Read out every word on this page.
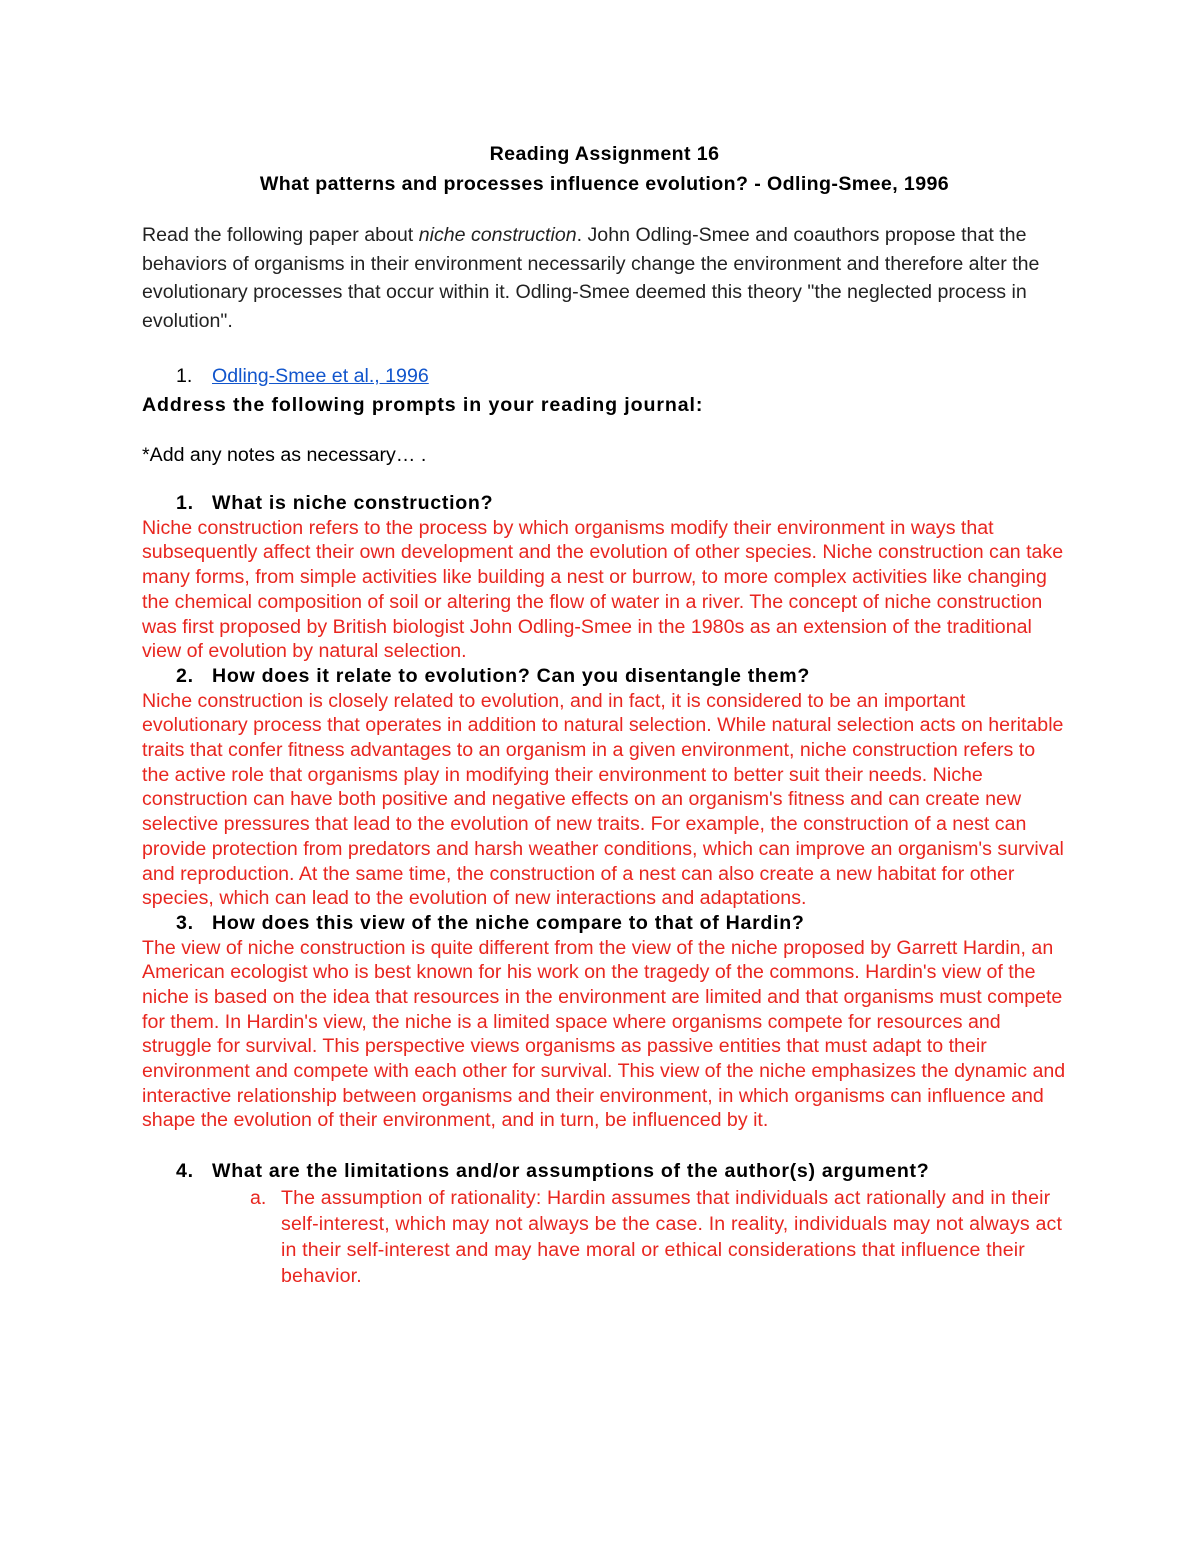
Reading Assignment 16

What patterns and processes influence evolution? - Odling-Smee, 1996

Read the following paper about niche construction. John Odling-Smee and coauthors propose that the behaviors of organisms in their environment necessarily change the environment and therefore alter the evolutionary processes that occur within it. Odling-Smee deemed this theory "the neglected process in evolution".
1. Odling-Smee et al., 1996
Address the following prompts in your reading journal:
*Add any notes as necessary… .
1. What is niche construction?
Niche construction refers to the process by which organisms modify their environment in ways that subsequently affect their own development and the evolution of other species. Niche construction can take many forms, from simple activities like building a nest or burrow, to more complex activities like changing the chemical composition of soil or altering the flow of water in a river. The concept of niche construction was first proposed by British biologist John Odling-Smee in the 1980s as an extension of the traditional view of evolution by natural selection.
2. How does it relate to evolution? Can you disentangle them?
Niche construction is closely related to evolution, and in fact, it is considered to be an important evolutionary process that operates in addition to natural selection. While natural selection acts on heritable traits that confer fitness advantages to an organism in a given environment, niche construction refers to the active role that organisms play in modifying their environment to better suit their needs. Niche construction can have both positive and negative effects on an organism's fitness and can create new selective pressures that lead to the evolution of new traits. For example, the construction of a nest can provide protection from predators and harsh weather conditions, which can improve an organism's survival and reproduction. At the same time, the construction of a nest can also create a new habitat for other species, which can lead to the evolution of new interactions and adaptations.
3. How does this view of the niche compare to that of Hardin?
The view of niche construction is quite different from the view of the niche proposed by Garrett Hardin, an American ecologist who is best known for his work on the tragedy of the commons. Hardin's view of the niche is based on the idea that resources in the environment are limited and that organisms must compete for them. In Hardin's view, the niche is a limited space where organisms compete for resources and struggle for survival. This perspective views organisms as passive entities that must adapt to their environment and compete with each other for survival. This view of the niche emphasizes the dynamic and interactive relationship between organisms and their environment, in which organisms can influence and shape the evolution of their environment, and in turn, be influenced by it.
4. What are the limitations and/or assumptions of the author(s) argument?
a. The assumption of rationality: Hardin assumes that individuals act rationally and in their self-interest, which may not always be the case. In reality, individuals may not always act in their self-interest and may have moral or ethical considerations that influence their behavior.
